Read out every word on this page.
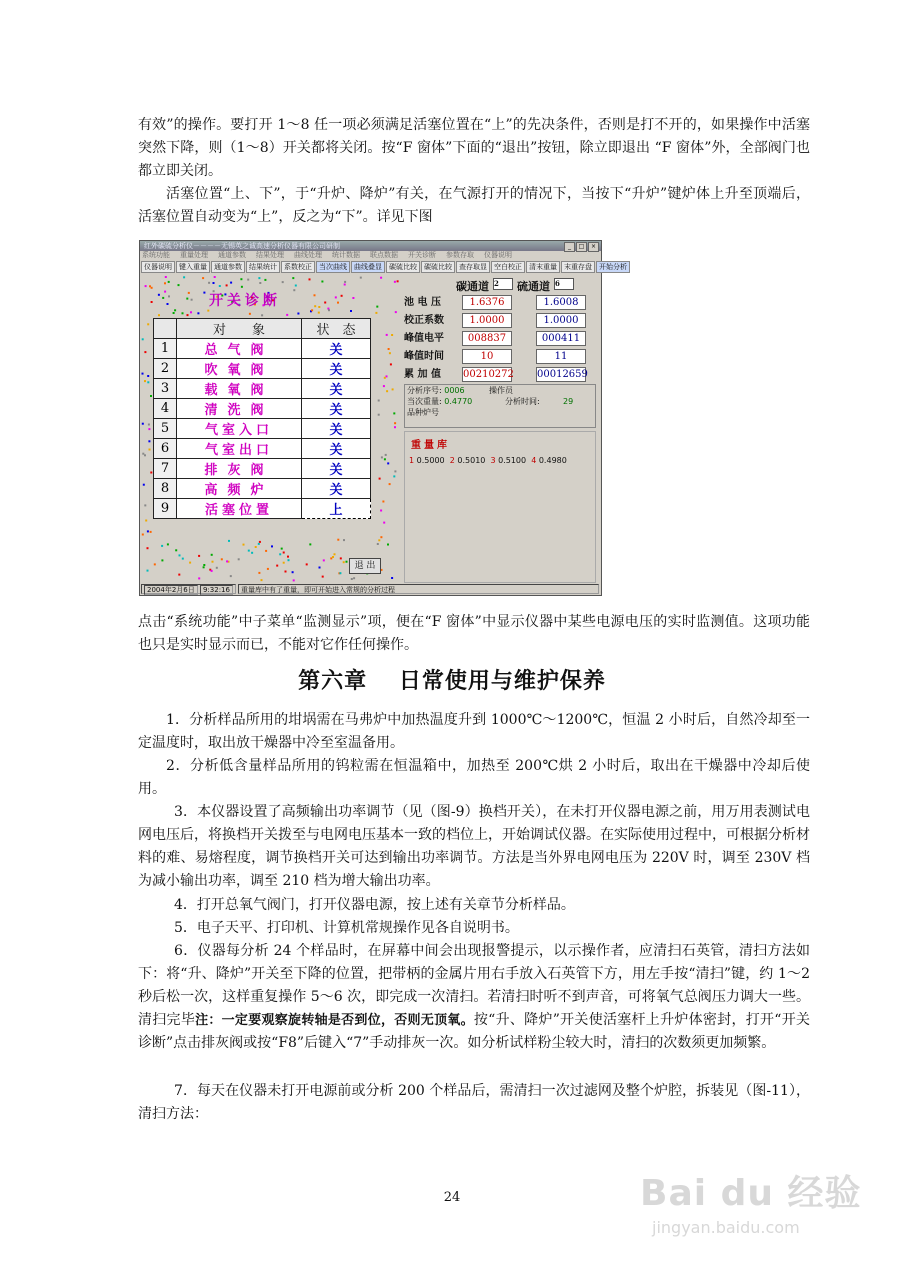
有效”的操作。要打开 1～8 任一项必须满足活塞位置在“上”的先决条件，否则是打不开的，如果操作中活塞突然下降，则（1～8）开关都将关闭。按“F 窗体”下面的“退出”按钮，除立即退出 “F 窗体”外，全部阀门也都立即关闭。

活塞位置“上、下”，于“升炉、降炉”有关，在气源打开的情况下，当按下“升炉”键炉体上升至顶端后，活塞位置自动变为“上”，反之为“下”。详见下图

红外碳硫分析仪－－－－无锡英之诚高速分析仪器有限公司研制	_	□	×
系统功能 重量处理 通道参数 结果处理 曲线处理 统计数据 联点数据 开关诊断 参数存取 仪器说明
仪器说明	键入重量	通道参数	结果统计	系数校正	当次曲线	曲线叠显	碳硫比较	碳硫比较	查存取显	空白校正	清末重量	末重存盘	开始分析
开关诊断
	对　　象	状　态
1	总气阀	关
2	吹氧阀	关
3	载氧阀	关
4	清洗阀	关
5	气室入口	关
6	气室出口	关
7	排灰阀	关
8	高频炉	关
9	活塞位置	上
退 出
碳通道 2	硫通道 6
池 电 压	1.6376	1.6008
校正系数	1.0000	1.0000
峰值电平	008837	000411
峰值时间	10	11
累 加 值 00210272 00012659
分析序号: 0006	操作员
当次重量: 0.4770	分析时间:	29
品种炉号
重量库
1 0.5000 2 0.5010 3 0.5100 4 0.4980
2004年2月6日 9:32:16	重量库中有了重量，即可开始进入常规的分析过程

点击“系统功能”中子菜单“监测显示”项，便在“F 窗体”中显示仪器中某些电源电压的实时监测值。这项功能也只是实时显示而已，不能对它作任何操作。

第六章　 日常使用与维护保养

1．分析样品所用的坩埚需在马弗炉中加热温度升到 1000℃～1200℃，恒温 2 小时后，自然冷却至一定温度时，取出放干燥器中冷至室温备用。

2．分析低含量样品所用的钨粒需在恒温箱中，加热至 200℃烘 2 小时后，取出在干燥器中冷却后使用。

3．本仪器设置了高频输出功率调节（见（图-9）换档开关），在未打开仪器电源之前，用万用表测试电网电压后，将换档开关拨至与电网电压基本一致的档位上，开始调试仪器。在实际使用过程中，可根据分析材料的难、易熔程度，调节换档开关可达到输出功率调节。方法是当外界电网电压为 220V 时，调至 230V 档为减小输出功率，调至 210 档为增大输出功率。

4．打开总氧气阀门，打开仪器电源，按上述有关章节分析样品。

5．电子天平、打印机、计算机常规操作见各自说明书。

6．仪器每分析 24 个样品时，在屏幕中间会出现报警提示，以示操作者，应清扫石英管，清扫方法如下：将“升、降炉”开关至下降的位置，把带柄的金属片用右手放入石英管下方，用左手按“清扫”键，约 1～2 秒后松一次，这样重复操作 5～6 次，即完成一次清扫。若清扫时听不到声音，可将氧气总阀压力调大一些。清扫完毕注：一定要观察旋转轴是否到位，否则无顶氧。按“升、降炉”开关使活塞杆上升炉体密封，打开“开关诊断”点击排灰阀或按“F8”后键入“7”手动排灰一次。如分析试样粉尘较大时，清扫的次数须更加频繁。

7．每天在仪器未打开电源前或分析 200 个样品后，需清扫一次过滤网及整个炉腔，拆装见（图-11），清扫方法：

24	Bai du 经验
jingyan.baidu.com
